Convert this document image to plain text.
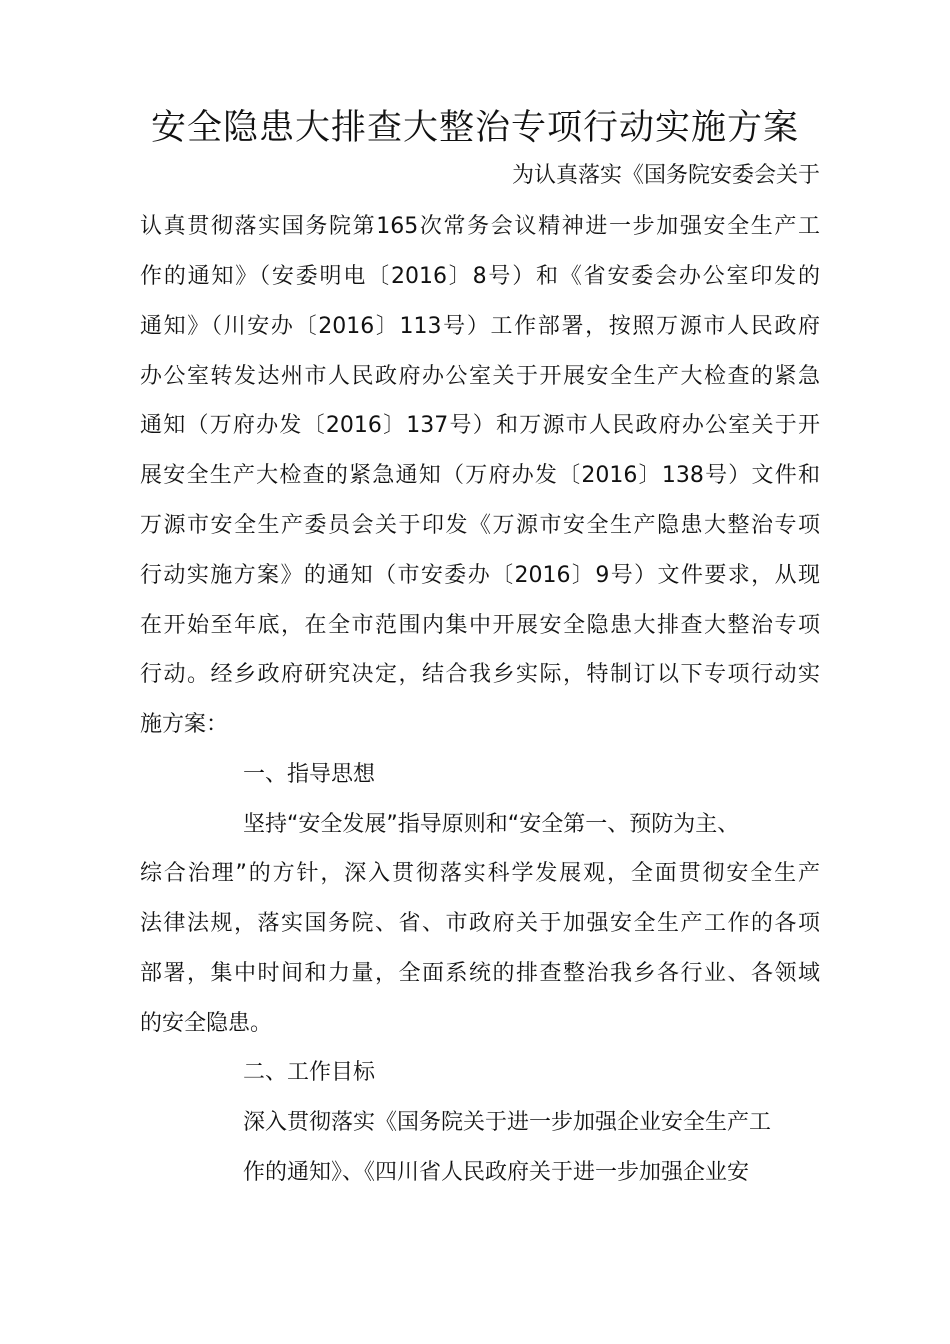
安全隐患大排查大整治专项行动实施方案
为认真落实《国务院安委会关于
认真贯彻落实国务院第165次常务会议精神进一步加强安全生产工
作的通知》（安委明电〔2016〕8号）和《省安委会办公室印发的
通知》（川安办〔2016〕113号）工作部署，按照万源市人民政府
办公室转发达州市人民政府办公室关于开展安全生产大检查的紧急
通知（万府办发〔2016〕137号）和万源市人民政府办公室关于开
展安全生产大检查的紧急通知（万府办发〔2016〕138号）文件和
万源市安全生产委员会关于印发《万源市安全生产隐患大整治专项
行动实施方案》的通知（市安委办〔2016〕9号）文件要求，从现
在开始至年底，在全市范围内集中开展安全隐患大排查大整治专项
行动。经乡政府研究决定，结合我乡实际，特制订以下专项行动实
施方案：
一、指导思想
坚持“安全发展”指导原则和“安全第一、预防为主、
综合治理”的方针，深入贯彻落实科学发展观，全面贯彻安全生产
法律法规，落实国务院、省、市政府关于加强安全生产工作的各项
部署，集中时间和力量，全面系统的排查整治我乡各行业、各领域
的安全隐患。
二、工作目标
深入贯彻落实《国务院关于进一步加强企业安全生产工
作的通知》、《四川省人民政府关于进一步加强企业安
